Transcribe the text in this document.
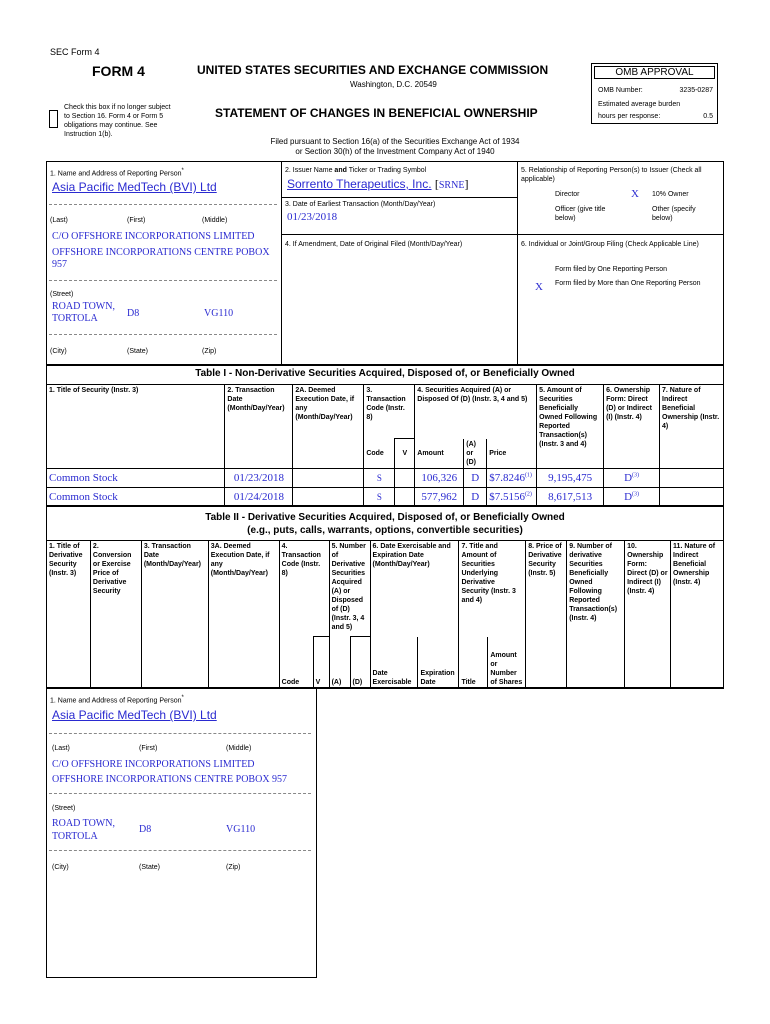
SEC Form 4
FORM 4	UNITED STATES SECURITIES AND EXCHANGE COMMISSION
Washington, D.C. 20549
STATEMENT OF CHANGES IN BENEFICIAL OWNERSHIP
Check this box if no longer subject
to Section 16. Form 4 or Form 5
obligations may continue. See
Instruction 1(b).
Filed pursuant to Section 16(a) of the Securities Exchange Act of 1934
or Section 30(h) of the Investment Company Act of 1940
OMB APPROVAL
OMB Number:	3235-0287
Estimated average burden
hours per response:	0.5
1. Name and Address of Reporting Person*
Asia Pacific MedTech (BVI) Ltd
(Last)	(First)	(Middle)
C/O OFFSHORE INCORPORATIONS LIMITED
OFFSHORE INCORPORATIONS CENTRE POBOX 957
(Street)
ROAD TOWN, TORTOLA	D8	VG110
(City)	(State)	(Zip)
2. Issuer Name and Ticker or Trading Symbol
Sorrento Therapeutics, Inc. [SRNE]
3. Date of Earliest Transaction (Month/Day/Year)
01/23/2018
4. If Amendment, Date of Original Filed (Month/Day/Year)
5. Relationship of Reporting Person(s) to Issuer (Check all applicable)
Director	X 10% Owner
Officer (give title below)
Other (specify below)
6. Individual or Joint/Group Filing (Check Applicable Line)
Form filed by One Reporting Person
X Form filed by More than One Reporting Person
Table I - Non-Derivative Securities Acquired, Disposed of, or Beneficially Owned
1. Title of Security (Instr. 3)	2. Transaction Date (Month/Day/Year)	2A. Deemed Execution Date, if any (Month/Day/Year)	3. Transaction Code (Instr. 8)		4. Securities Acquired (A) or Disposed Of (D) (Instr. 3, 4 and 5)			5. Amount of Securities Beneficially Owned Following Reported Transaction(s) (Instr. 3 and 4)	6. Ownership Form: Direct (D) or Indirect (I) (Instr. 4)	7. Nature of Indirect Beneficial Ownership (Instr. 4)
			Code	V	Amount	(A) or (D)	Price			
Common Stock	01/23/2018		S		106,326	D	$7.8246$^{(1)}$	9,195,475	$D^{(3)}$	
Common Stock	01/24/2018		S		577,962	D	$7.5156$^{(2)}$	8,617,513	$D^{(3)}$	
Table II - Derivative Securities Acquired, Disposed of, or Beneficially Owned
(e.g., puts, calls, warrants, options, convertible securities)
1. Title of Derivative Security (Instr. 3)	2. Conversion or Exercise Price of Derivative Security	3. Transaction Date (Month/Day/Year)	3A. Deemed Execution Date, if any (Month/Day/Year)	4. Transaction Code (Instr. 8)		5. Number of Derivative Securities Acquired (A) or Disposed of (D) (Instr. 3, 4 and 5)		6. Date Exercisable and Expiration Date (Month/Day/Year)		7. Title and Amount of Securities Underlying Derivative Security (Instr. 3 and 4)		8. Price of Derivative Security (Instr. 5)	9. Number of derivative Securities Beneficially Owned Following Reported Transaction(s) (Instr. 4)	10. Ownership Form: Direct (D) or Indirect (I) (Instr. 4)	11. Nature of Indirect Beneficial Ownership (Instr. 4)
				Code	V	(A)	(D)	Date Exercisable	Expiration Date	Title	Amount or Number of Shares				
1. Name and Address of Reporting Person*
Asia Pacific MedTech (BVI) Ltd
(Last)	(First)	(Middle)
C/O OFFSHORE INCORPORATIONS LIMITED
OFFSHORE INCORPORATIONS CENTRE POBOX 957
(Street)
ROAD TOWN, TORTOLA
D8	VG110
(City)	(State)	(Zip)
